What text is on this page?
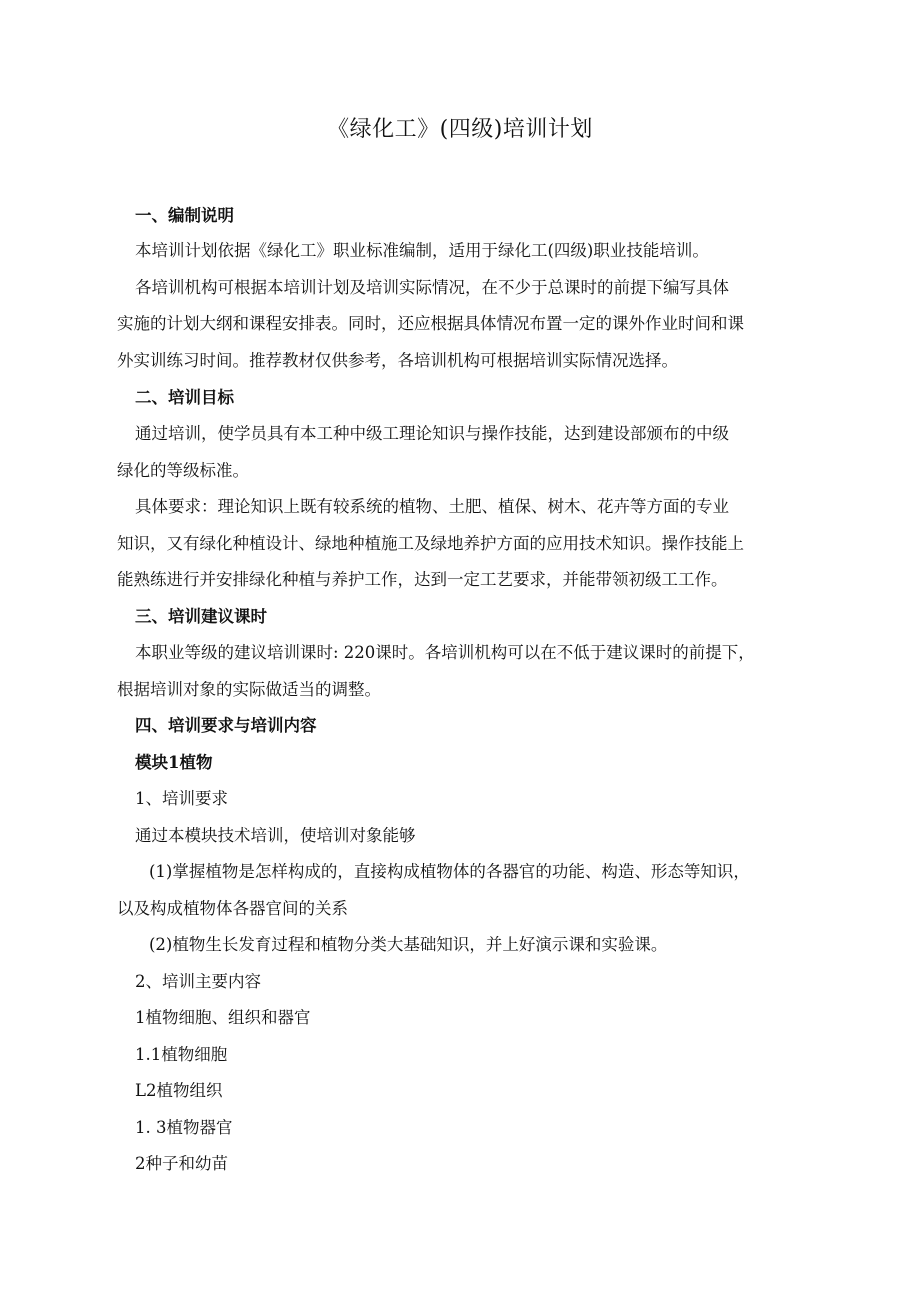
《绿化工》(四级)培训计划
一、编制说明
本培训计划依据《绿化工》职业标准编制，适用于绿化工(四级)职业技能培训。
各培训机构可根据本培训计划及培训实际情况，在不少于总课时的前提下编写具体
实施的计划大纲和课程安排表。同时，还应根据具体情况布置一定的课外作业时间和课
外实训练习时间。推荐教材仅供参考，各培训机构可根据培训实际情况选择。
二、培训目标
通过培训，使学员具有本工种中级工理论知识与操作技能，达到建设部颁布的中级
绿化的等级标准。
具体要求：理论知识上既有较系统的植物、土肥、植保、树木、花卉等方面的专业
知识，又有绿化种植设计、绿地种植施工及绿地养护方面的应用技术知识。操作技能上
能熟练进行并安排绿化种植与养护工作，达到一定工艺要求，并能带领初级工工作。
三、培训建议课时
本职业等级的建议培训课时: 220课时。各培训机构可以在不低于建议课时的前提下，
根据培训对象的实际做适当的调整。
四、培训要求与培训内容
模块1植物
1、培训要求
通过本模块技术培训，使培训对象能够
(1)掌握植物是怎样构成的，直接构成植物体的各器官的功能、构造、形态等知识，
以及构成植物体各器官间的关系
(2)植物生长发育过程和植物分类大基础知识，并上好演示课和实验课。
2、培训主要内容
1植物细胞、组织和器官
1.1植物细胞
L2植物组织
1. 3植物器官
2种子和幼苗
